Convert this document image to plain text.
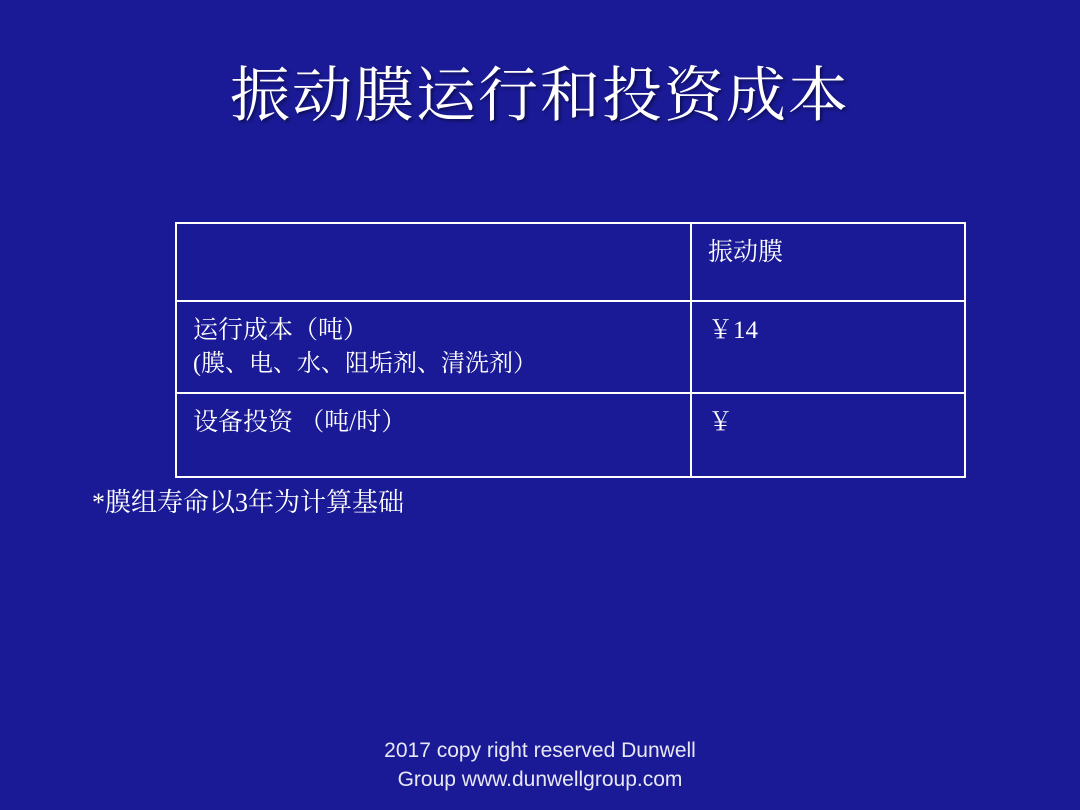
振动膜运行和投资成本
	振动膜

运行成本（吨）
(膜、电、水、阻垢剂、清洗剂）	￥14

设备投资 （吨/时）	￥
*膜组寿命以3年为计算基础
2017 copy right reserved Dunwell
Group www.dunwellgroup.com
